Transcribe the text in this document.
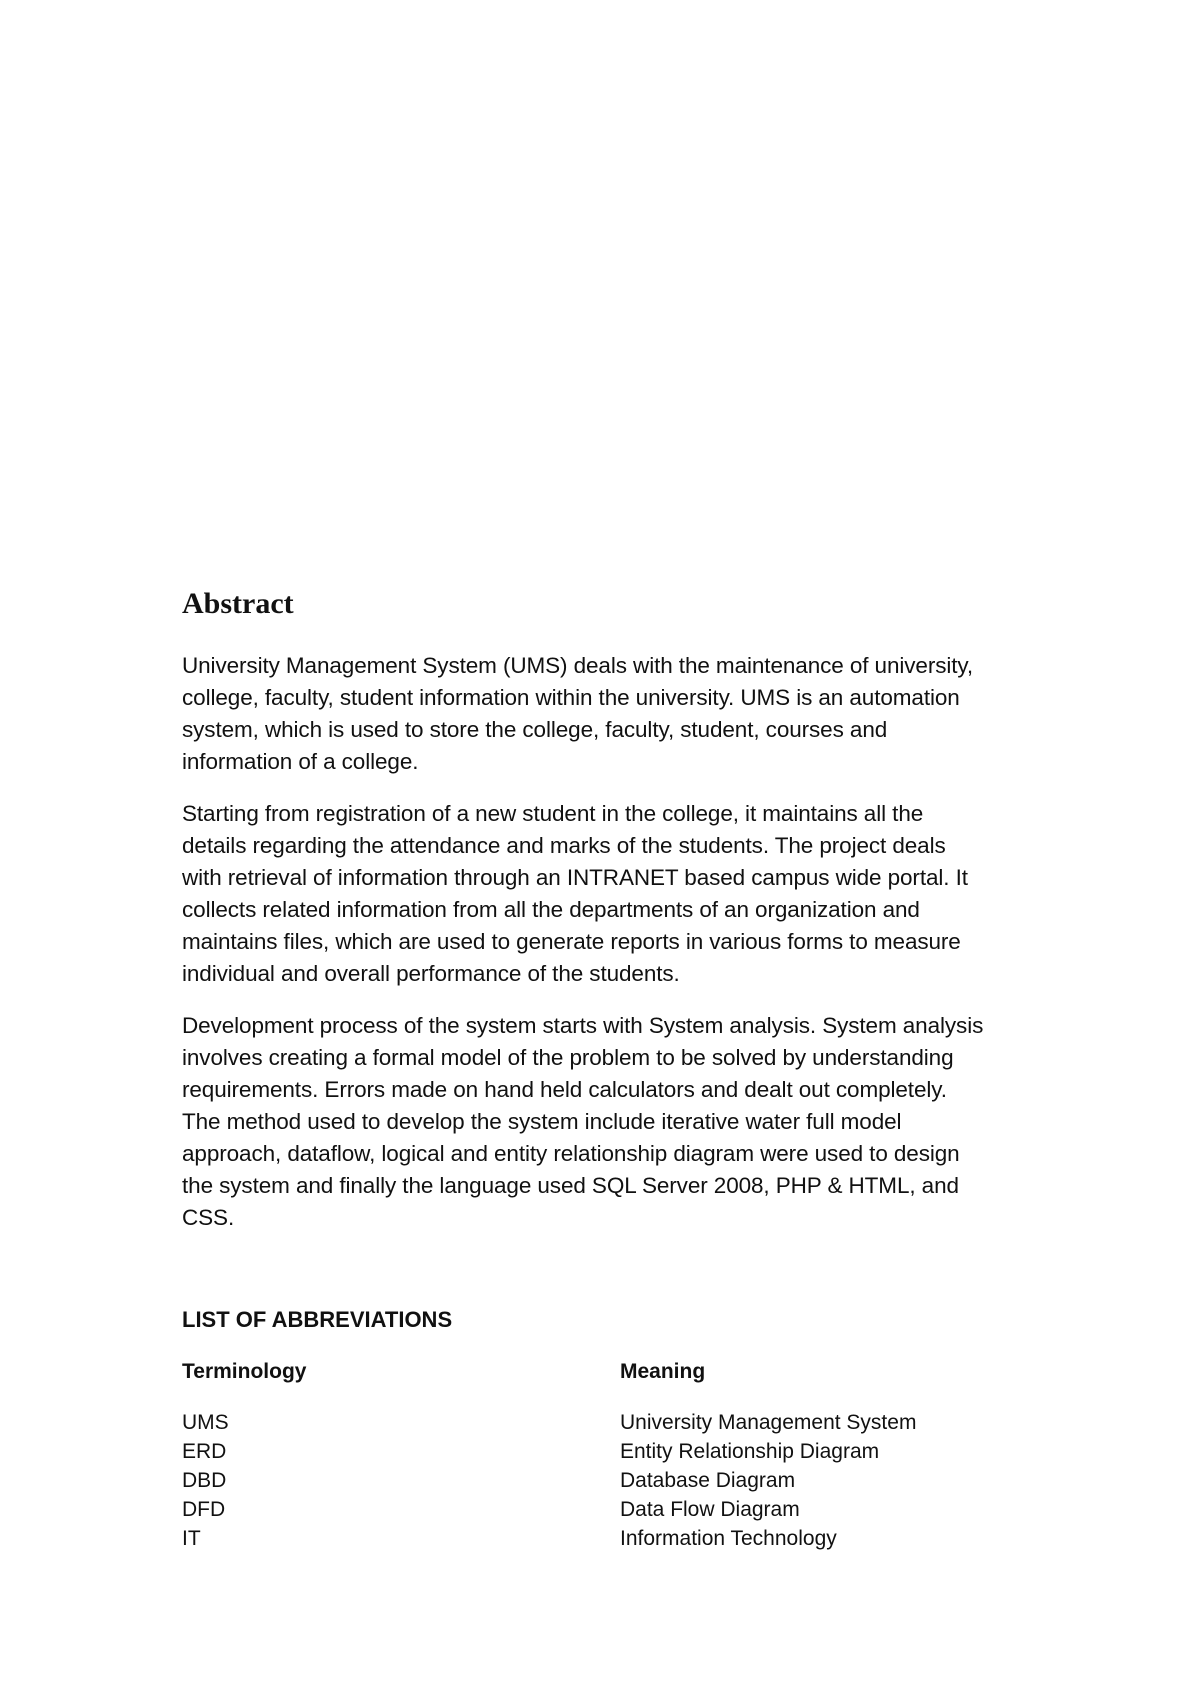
Abstract

University Management System (UMS) deals with the maintenance of university,
college, faculty, student information within the university. UMS is an automation
system, which is used to store the college, faculty, student, courses and
information of a college.

Starting from registration of a new student in the college, it maintains all the
details regarding the attendance and marks of the students. The project deals
with retrieval of information through an INTRANET based campus wide portal. It
collects related information from all the departments of an organization and
maintains files, which are used to generate reports in various forms to measure
individual and overall performance of the students.

Development process of the system starts with System analysis. System analysis
involves creating a formal model of the problem to be solved by understanding
requirements. Errors made on hand held calculators and dealt out completely.
The method used to develop the system include iterative water full model
approach, dataflow, logical and entity relationship diagram were used to design
the system and finally the language used SQL Server 2008, PHP & HTML, and
CSS.

LIST OF ABBREVIATIONS
Terminology	Meaning
UMS	University Management System
ERD	Entity Relationship Diagram
DBD	Database Diagram
DFD	Data Flow Diagram
IT	Information Technology
